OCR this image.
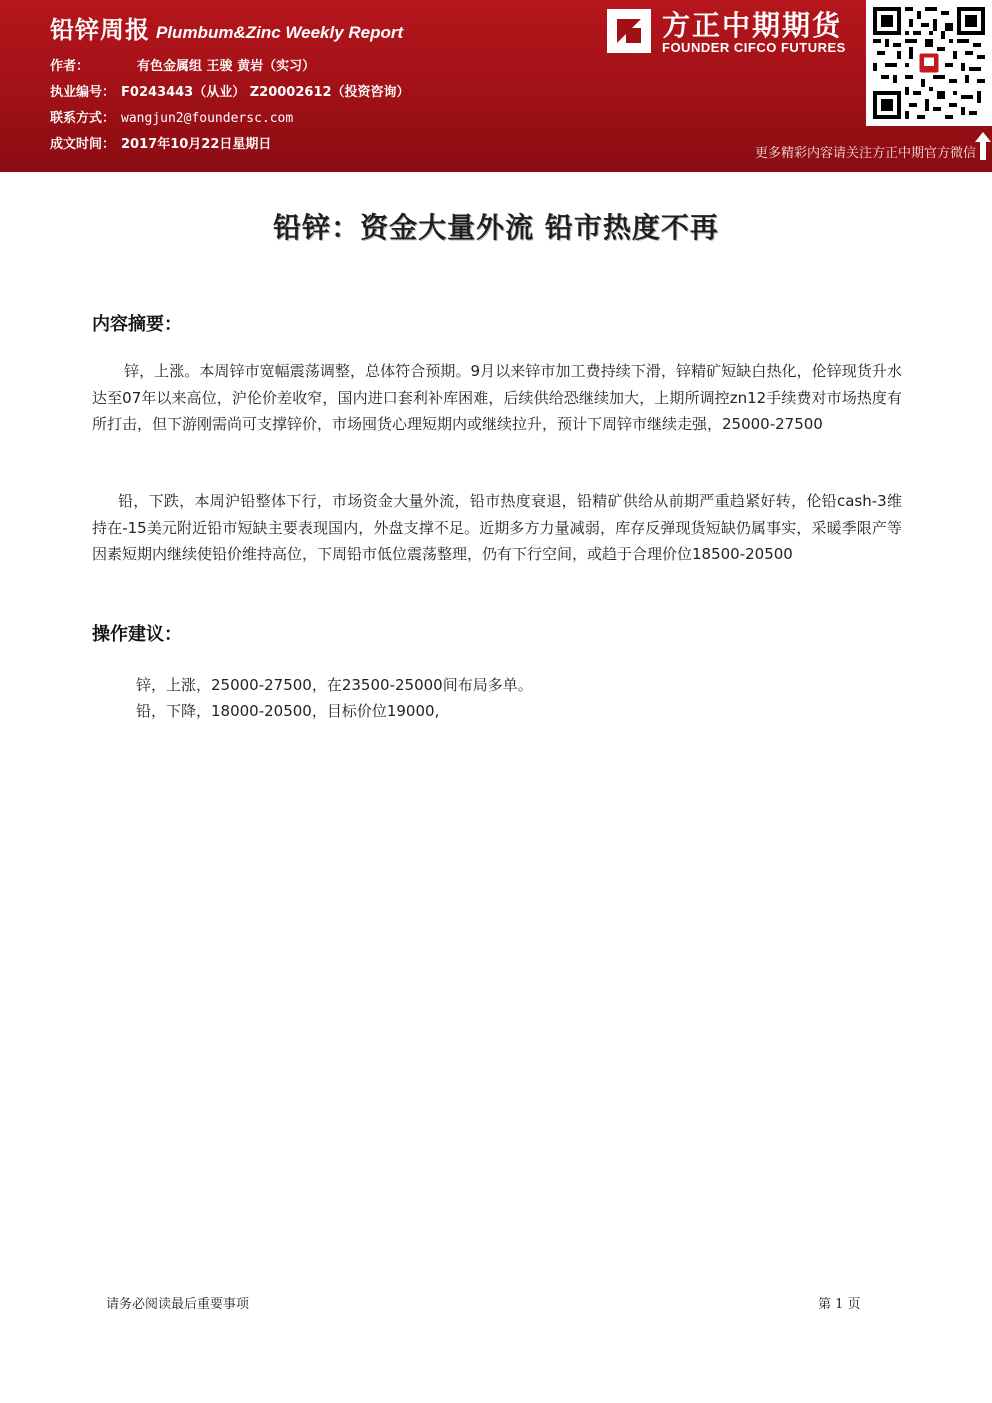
铅锌周报 Plumbum&Zinc Weekly Report
作者：	有色金属组 王骏 黄岩（实习）
执业编号： F0243443（从业） Z20002612（投资咨询）
联系方式： wangjun2@foundersc.com
成文时间： 2017年10月22日星期日
方正中期期货
FOUNDER CIFCO FUTURES
更多精彩内容请关注方正中期官方微信
铅锌：资金大量外流 铅市热度不再
内容摘要：

锌，上涨。本周锌市宽幅震荡调整，总体符合预期。9月以来锌市加工费持续下滑，锌精矿短缺白热化，伦锌现货升水达至07年以来高位，沪伦价差收窄，国内进口套利补库困难，后续供给恐继续加大，上期所调控zn12手续费对市场热度有所打击，但下游刚需尚可支撑锌价，市场囤货心理短期内或继续拉升，预计下周锌市继续走强，25000-27500

铅，下跌，本周沪铅整体下行，市场资金大量外流，铅市热度衰退，铅精矿供给从前期严重趋紧好转，伦铅cash-3维持在-15美元附近铅市短缺主要表现国内，外盘支撑不足。近期多方力量减弱，库存反弹现货短缺仍属事实，采暖季限产等因素短期内继续使铅价维持高位，下周铅市低位震荡整理，仍有下行空间，或趋于合理价位18500-20500

操作建议：
锌，上涨，25000-27500，在23500-25000间布局多单。
铅，下降，18000-20500，目标价位19000,
请务必阅读最后重要事项	第 1 页
